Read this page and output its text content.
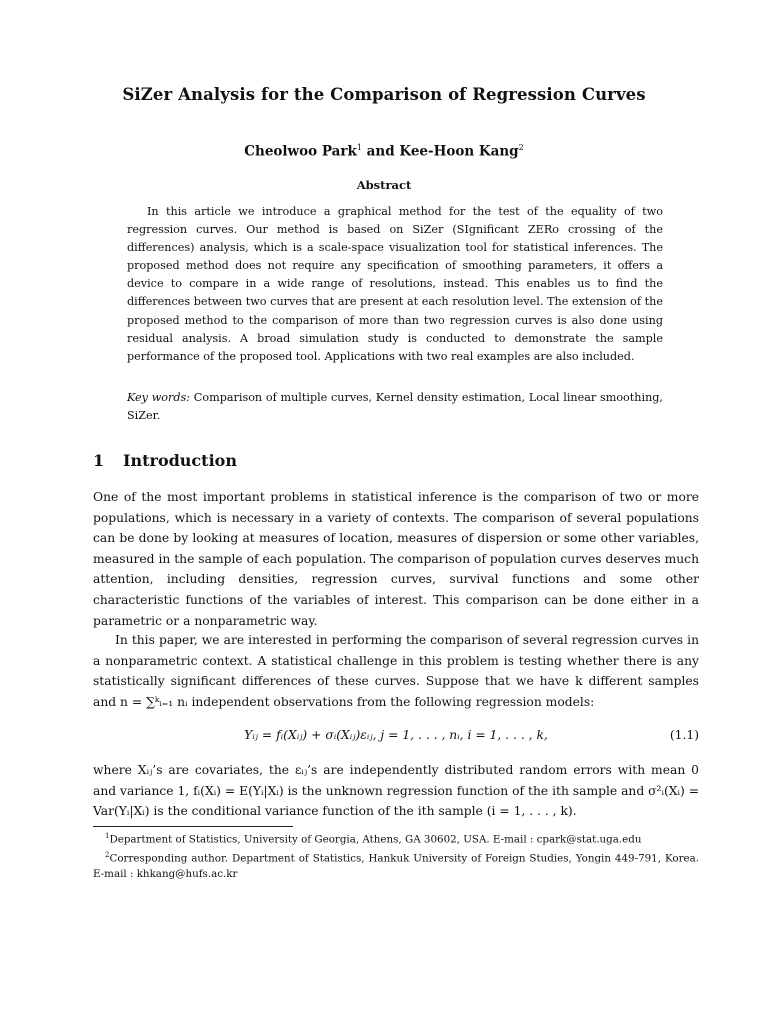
SiZer Analysis for the Comparison of Regression Curves
Cheolwoo Park$^1$ and Kee-Hoon Kang$^2$
Abstract
In this article we introduce a graphical method for the test of the equality of two regression curves. Our method is based on SiZer (SIgnificant ZERo crossing of the differences) analysis, which is a scale-space visualization tool for statistical inferences. The proposed method does not require any specification of smoothing parameters, it offers a device to compare in a wide range of resolutions, instead. This enables us to find the differences between two curves that are present at each resolution level. The extension of the proposed method to the comparison of more than two regression curves is also done using residual analysis. A broad simulation study is conducted to demonstrate the sample performance of the proposed tool. Applications with two real examples are also included.
Key words: Comparison of multiple curves, Kernel density estimation, Local linear smoothing, SiZer.
1 Introduction
One of the most important problems in statistical inference is the comparison of two or more populations, which is necessary in a variety of contexts. The comparison of several populations can be done by looking at measures of location, measures of dispersion or some other variables, measured in the sample of each population. The comparison of population curves deserves much attention, including densities, regression curves, survival functions and some other characteristic functions of the variables of interest. This comparison can be done either in a parametric or a nonparametric way.
In this paper, we are interested in performing the comparison of several regression curves in a nonparametric context. A statistical challenge in this problem is testing whether there is any statistically significant differences of these curves. Suppose that we have k different samples and n = ∑ᵏᵢ₌₁ nᵢ independent observations from the following regression models:
Yᵢⱼ = fᵢ(Xᵢⱼ) + σᵢ(Xᵢⱼ)εᵢⱼ, j = 1, . . . , nᵢ, i = 1, . . . , k,	(1.1)
where Xᵢⱼ’s are covariates, the εᵢⱼ’s are independently distributed random errors with mean 0 and variance 1, fᵢ(Xᵢ) = E(Yᵢ|Xᵢ) is the unknown regression function of the ith sample and σ²ᵢ(Xᵢ) = Var(Yᵢ|Xᵢ) is the conditional variance function of the ith sample (i = 1, . . . , k).
$^1$Department of Statistics, University of Georgia, Athens, GA 30602, USA. E-mail : cpark@stat.uga.edu
$^2$Corresponding author. Department of Statistics, Hankuk University of Foreign Studies, Yongin 449-791, Korea. E-mail : khkang@hufs.ac.kr
